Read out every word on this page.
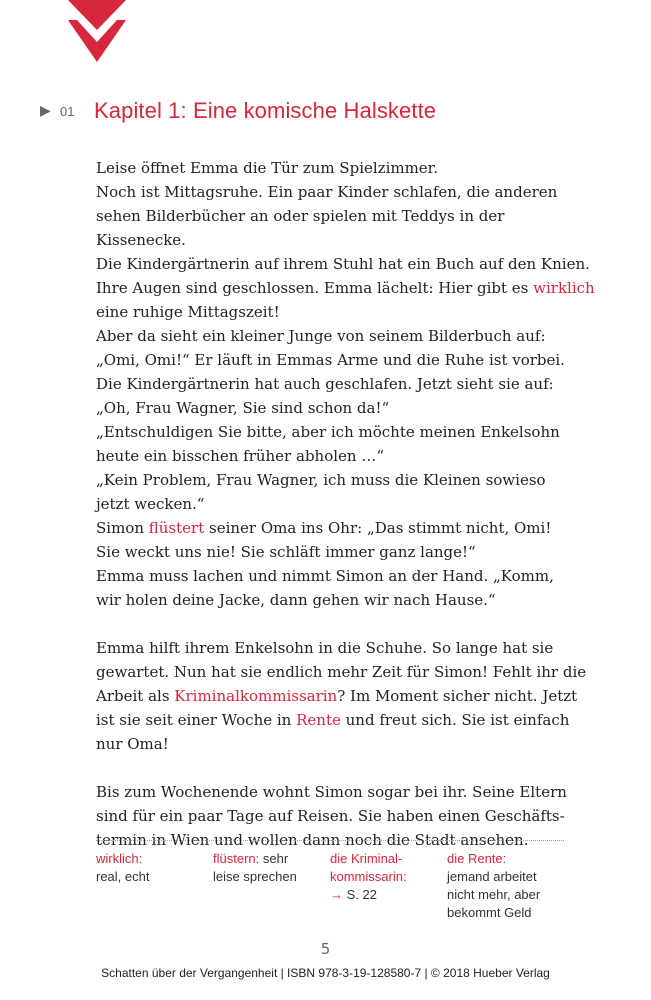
▶ 01 Kapitel 1: Eine komische Halskette

Leise öffnet Emma die Tür zum Spielzimmer.

Noch ist Mittagsruhe. Ein paar Kinder schlafen, die anderen

sehen Bilderbücher an oder spielen mit Teddys in der Kissenecke.

Die Kindergärtnerin auf ihrem Stuhl hat ein Buch auf den Knien.

Ihre Augen sind geschlossen. Emma lächelt: Hier gibt es wirklich

eine ruhige Mittagszeit!

Aber da sieht ein kleiner Junge von seinem Bilderbuch auf:

„Omi, Omi!“ Er läuft in Emmas Arme und die Ruhe ist vorbei.

Die Kindergärtnerin hat auch geschlafen. Jetzt sieht sie auf:

„Oh, Frau Wagner, Sie sind schon da!“

„Entschuldigen Sie bitte, aber ich möchte meinen Enkelsohn

heute ein bisschen früher abholen …“

„Kein Problem, Frau Wagner, ich muss die Kleinen sowieso

jetzt wecken.“

Simon flüstert seiner Oma ins Ohr: „Das stimmt nicht, Omi!

Sie weckt uns nie! Sie schläft immer ganz lange!“

Emma muss lachen und nimmt Simon an der Hand. „Komm,

wir holen deine Jacke, dann gehen wir nach Hause.“

Emma hilft ihrem Enkelsohn in die Schuhe. So lange hat sie

gewartet. Nun hat sie endlich mehr Zeit für Simon! Fehlt ihr die

Arbeit als Kriminalkommissarin? Im Moment sicher nicht. Jetzt

ist sie seit einer Woche in Rente und freut sich. Sie ist einfach

nur Oma!

Bis zum Wochenende wohnt Simon sogar bei ihr. Seine Eltern

sind für ein paar Tage auf Reisen. Sie haben einen Geschäfts-

termin in Wien und wollen dann noch die Stadt ansehen.

wirklich:
real, echt
flüstern: sehr
leise sprechen
die Kriminal-
kommissarin:
→ S. 22
die Rente:
jemand arbeitet
nicht mehr, aber
bekommt Geld
5
Schatten über der Vergangenheit | ISBN 978-3-19-128580-7 | © 2018 Hueber Verlag
